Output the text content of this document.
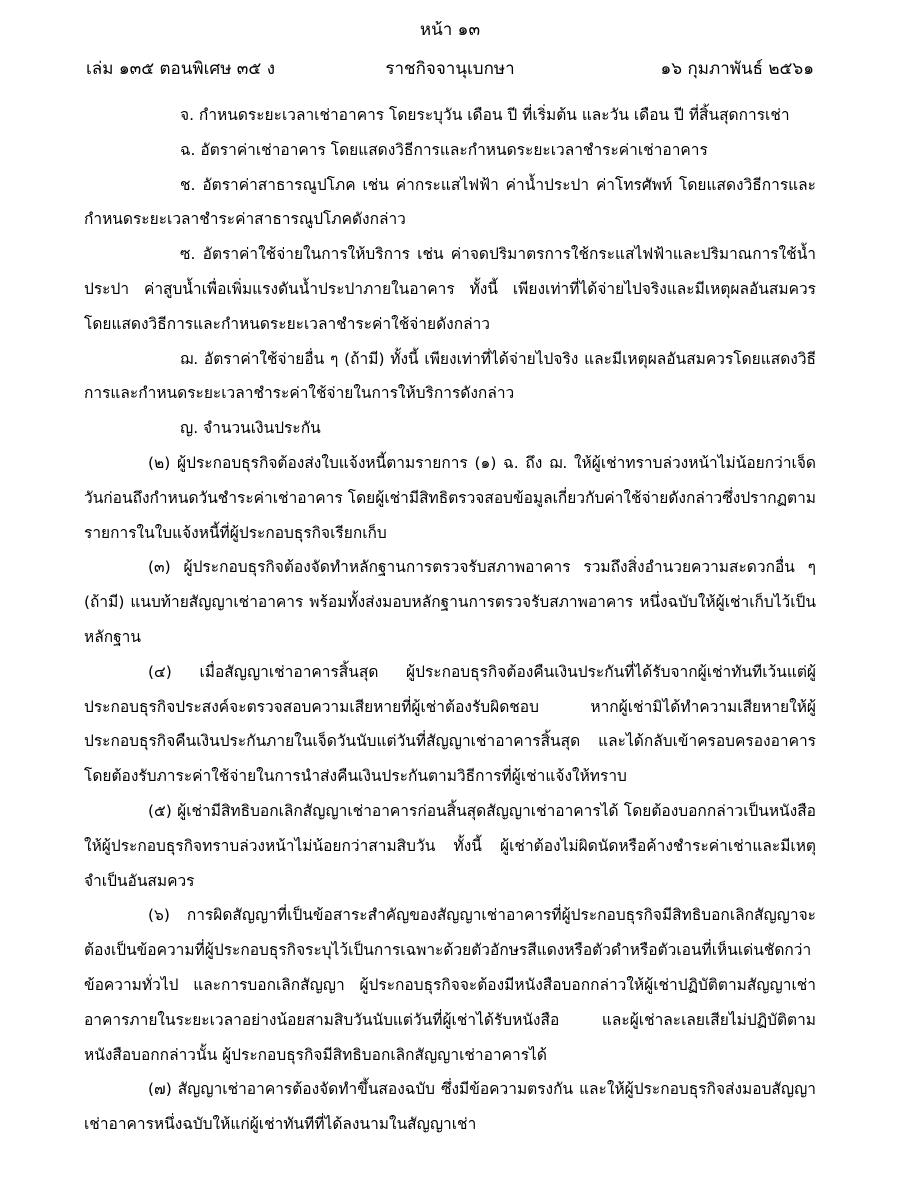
หน้า ๑๓
เล่ม ๑๓๕ ตอนพิเศษ ๓๕ ง	ราชกิจจานุเบกษา	๑๖ กุมภาพันธ์ ๒๕๖๑

จ. กำหนดระยะเวลาเช่าอาคาร โดยระบุวัน เดือน ปี ที่เริ่มต้น และวัน เดือน ปี ที่สิ้นสุดการเช่า

ฉ. อัตราค่าเช่าอาคาร โดยแสดงวิธีการและกำหนดระยะเวลาชำระค่าเช่าอาคาร

ช. อัตราค่าสาธารณูปโภค เช่น ค่ากระแสไฟฟ้า ค่าน้ำประปา ค่าโทรศัพท์ โดยแสดงวิธีการและกำหนดระยะเวลาชำระค่าสาธารณูปโภคดังกล่าว

ซ. อัตราค่าใช้จ่ายในการให้บริการ เช่น ค่าจดปริมาตรการใช้กระแสไฟฟ้าและปริมาณการใช้น้ำประปา ค่าสูบน้ำเพื่อเพิ่มแรงดันน้ำประปาภายในอาคาร ทั้งนี้ เพียงเท่าที่ได้จ่ายไปจริงและมีเหตุผลอันสมควร โดยแสดงวิธีการและกำหนดระยะเวลาชำระค่าใช้จ่ายดังกล่าว

ฌ. อัตราค่าใช้จ่ายอื่น ๆ (ถ้ามี) ทั้งนี้ เพียงเท่าที่ได้จ่ายไปจริง และมีเหตุผลอันสมควรโดยแสดงวิธีการและกำหนดระยะเวลาชำระค่าใช้จ่ายในการให้บริการดังกล่าว

ญ. จำนวนเงินประกัน

(๒) ผู้ประกอบธุรกิจต้องส่งใบแจ้งหนี้ตามรายการ (๑) ฉ. ถึง ฌ. ให้ผู้เช่าทราบล่วงหน้าไม่น้อยกว่าเจ็ดวันก่อนถึงกำหนดวันชำระค่าเช่าอาคาร โดยผู้เช่ามีสิทธิตรวจสอบข้อมูลเกี่ยวกับค่าใช้จ่ายดังกล่าวซึ่งปรากฏตามรายการในใบแจ้งหนี้ที่ผู้ประกอบธุรกิจเรียกเก็บ

(๓) ผู้ประกอบธุรกิจต้องจัดทำหลักฐานการตรวจรับสภาพอาคาร รวมถึงสิ่งอำนวยความสะดวกอื่น ๆ (ถ้ามี) แนบท้ายสัญญาเช่าอาคาร พร้อมทั้งส่งมอบหลักฐานการตรวจรับสภาพอาคาร หนึ่งฉบับให้ผู้เช่าเก็บไว้เป็นหลักฐาน

(๔) เมื่อสัญญาเช่าอาคารสิ้นสุด ผู้ประกอบธุรกิจต้องคืนเงินประกันที่ได้รับจากผู้เช่าทันทีเว้นแต่ผู้ประกอบธุรกิจประสงค์จะตรวจสอบความเสียหายที่ผู้เช่าต้องรับผิดชอบ หากผู้เช่ามิได้ทำความเสียหายให้ผู้ประกอบธุรกิจคืนเงินประกันภายในเจ็ดวันนับแต่วันที่สัญญาเช่าอาคารสิ้นสุด และได้กลับเข้าครอบครองอาคาร โดยต้องรับภาระค่าใช้จ่ายในการนำส่งคืนเงินประกันตามวิธีการที่ผู้เช่าแจ้งให้ทราบ

(๕) ผู้เช่ามีสิทธิบอกเลิกสัญญาเช่าอาคารก่อนสิ้นสุดสัญญาเช่าอาคารได้ โดยต้องบอกกล่าวเป็นหนังสือให้ผู้ประกอบธุรกิจทราบล่วงหน้าไม่น้อยกว่าสามสิบวัน ทั้งนี้ ผู้เช่าต้องไม่ผิดนัดหรือค้างชำระค่าเช่าและมีเหตุจำเป็นอันสมควร

(๖) การผิดสัญญาที่เป็นข้อสาระสำคัญของสัญญาเช่าอาคารที่ผู้ประกอบธุรกิจมีสิทธิบอกเลิกสัญญาจะต้องเป็นข้อความที่ผู้ประกอบธุรกิจระบุไว้เป็นการเฉพาะด้วยตัวอักษรสีแดงหรือตัวดำหรือตัวเอนที่เห็นเด่นชัดกว่าข้อความทั่วไป และการบอกเลิกสัญญา ผู้ประกอบธุรกิจจะต้องมีหนังสือบอกกล่าวให้ผู้เช่าปฏิบัติตามสัญญาเช่าอาคารภายในระยะเวลาอย่างน้อยสามสิบวันนับแต่วันที่ผู้เช่าได้รับหนังสือ และผู้เช่าละเลยเสียไม่ปฏิบัติตามหนังสือบอกกล่าวนั้น ผู้ประกอบธุรกิจมีสิทธิบอกเลิกสัญญาเช่าอาคารได้

(๗) สัญญาเช่าอาคารต้องจัดทำขึ้นสองฉบับ ซึ่งมีข้อความตรงกัน และให้ผู้ประกอบธุรกิจส่งมอบสัญญาเช่าอาคารหนึ่งฉบับให้แก่ผู้เช่าทันทีที่ได้ลงนามในสัญญาเช่า
